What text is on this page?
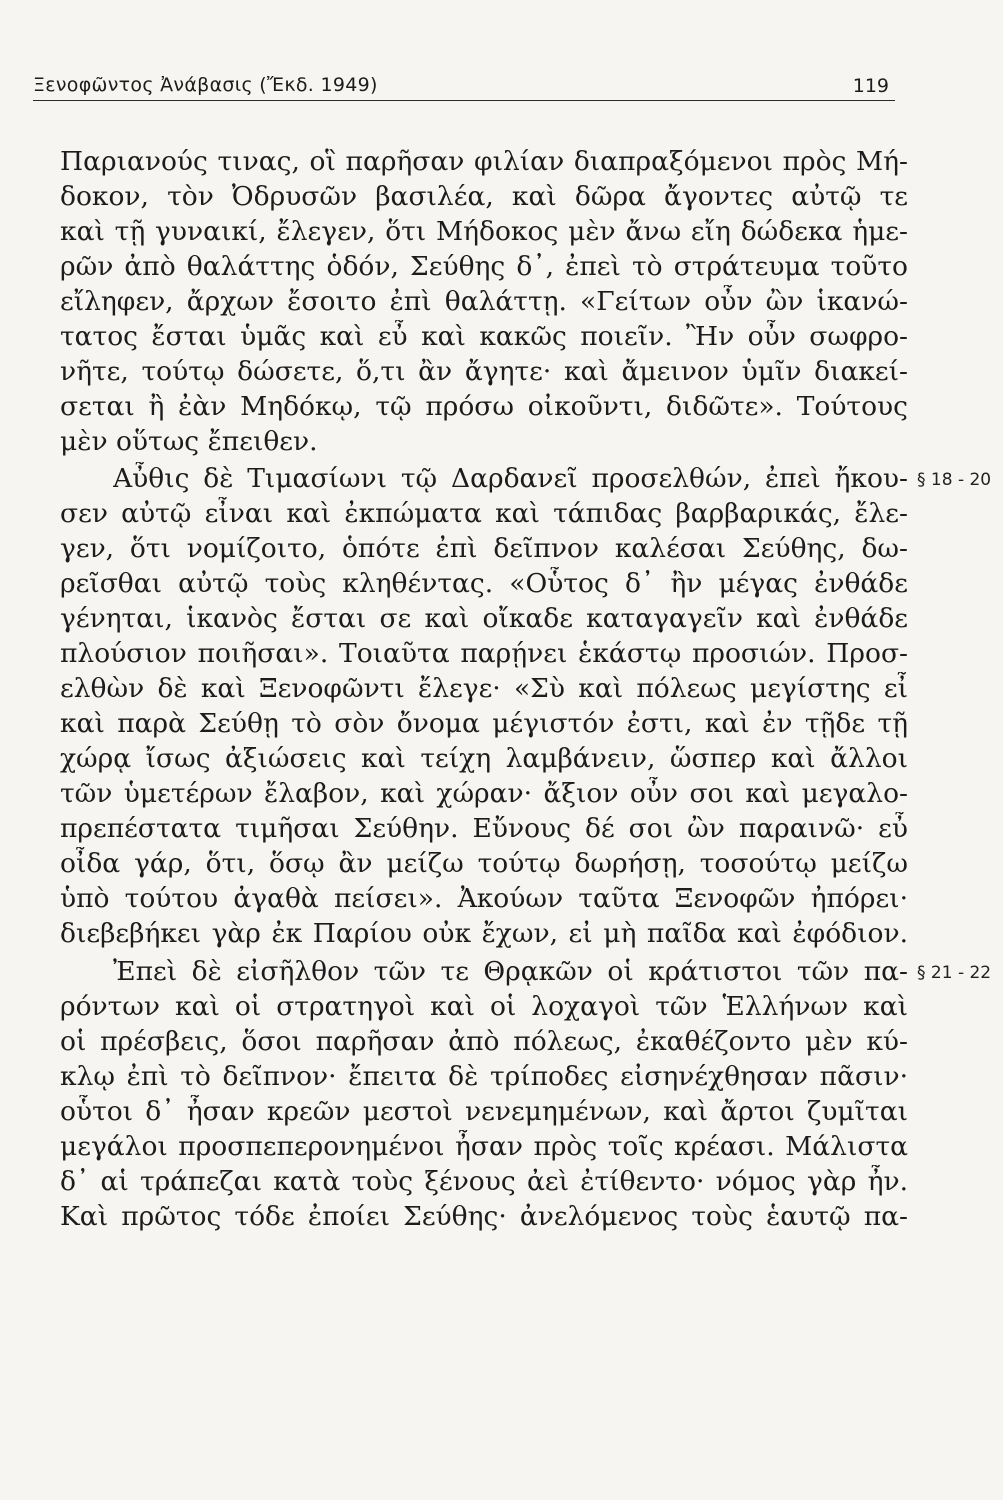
Ξενοφῶντος Ἀνάβασις (Ἔκδ. 1949)	119
Παριανούς τινας, οἳ παρῆσαν φιλίαν διαπραξόμενοι πρὸς Μή-
δοκον, τὸν Ὀδρυσῶν βασιλέα, καὶ δῶρα ἄγοντες αὐτῷ τε
καὶ τῇ γυναικί, ἔλεγεν, ὅτι Μήδοκος μὲν ἄνω εἴη δώδεκα ἡμε-
ρῶν ἀπὸ θαλάττης ὁδόν, Σεύθης δ᾽, ἐπεὶ τὸ στράτευμα τοῦτο
εἴληφεν, ἄρχων ἔσοιτο ἐπὶ θαλάττῃ. «Γείτων οὖν ὢν ἱκανώ-
τατος ἔσται ὑμᾶς καὶ εὖ καὶ κακῶς ποιεῖν. Ἢν οὖν σωφρο-
νῆτε, τούτῳ δώσετε, ὅ,τι ἂν ἄγητε· καὶ ἄμεινον ὑμῖν διακεί-
σεται ἢ ἐὰν Μηδόκῳ, τῷ πρόσω οἰκοῦντι, διδῶτε». Τούτους
μὲν οὕτως ἔπειθεν.
Αὖθις δὲ Τιμασίωνι τῷ Δαρδανεῖ προσελθών, ἐπεὶ ἤκου- § 18 - 20
σεν αὐτῷ εἶναι καὶ ἐκπώματα καὶ τάπιδας βαρβαρικάς, ἔλε-
γεν, ὅτι νομίζοιτο, ὁπότε ἐπὶ δεῖπνον καλέσαι Σεύθης, δω-
ρεῖσθαι αὐτῷ τοὺς κληθέντας. «Οὗτος δ᾽ ἢν μέγας ἐνθάδε
γένηται, ἱκανὸς ἔσται σε καὶ οἴκαδε καταγαγεῖν καὶ ἐνθάδε
πλούσιον ποιῆσαι». Τοιαῦτα παρῄνει ἑκάστῳ προσιών. Προσ-
ελθὼν δὲ καὶ Ξενοφῶντι ἔλεγε· «Σὺ καὶ πόλεως μεγίστης εἶ
καὶ παρὰ Σεύθῃ τὸ σὸν ὄνομα μέγιστόν ἐστι, καὶ ἐν τῇδε τῇ
χώρᾳ ἴσως ἀξιώσεις καὶ τείχη λαμβάνειν, ὥσπερ καὶ ἄλλοι
τῶν ὑμετέρων ἔλαβον, καὶ χώραν· ἄξιον οὖν σοι καὶ μεγαλο-
πρεπέστατα τιμῆσαι Σεύθην. Εὔνους δέ σοι ὢν παραινῶ· εὖ
οἶδα γάρ, ὅτι, ὅσῳ ἂν μείζω τούτῳ δωρήσῃ, τοσούτῳ μείζω
ὑπὸ τούτου ἀγαθὰ πείσει». Ἀκούων ταῦτα Ξενοφῶν ἠπόρει·
διεβεβήκει γὰρ ἐκ Παρίου οὐκ ἔχων, εἰ μὴ παῖδα καὶ ἐφόδιον.
Ἐπεὶ δὲ εἰσῆλθον τῶν τε Θρᾳκῶν οἱ κράτιστοι τῶν πα- § 21 - 22
ρόντων καὶ οἱ στρατηγοὶ καὶ οἱ λοχαγοὶ τῶν Ἑλλήνων καὶ
οἱ πρέσβεις, ὅσοι παρῆσαν ἀπὸ πόλεως, ἐκαθέζοντο μὲν κύ-
κλῳ ἐπὶ τὸ δεῖπνον· ἔπειτα δὲ τρίποδες εἰσηνέχθησαν πᾶσιν·
οὗτοι δ᾽ ἦσαν κρεῶν μεστοὶ νενεμημένων, καὶ ἄρτοι ζυμῖται
μεγάλοι προσπεπερονημένοι ἦσαν πρὸς τοῖς κρέασι. Μάλιστα
δ᾽ αἱ τράπεζαι κατὰ τοὺς ξένους ἀεὶ ἐτίθεντο· νόμος γὰρ ἦν.
Καὶ πρῶτος τόδε ἐποίει Σεύθης· ἀνελόμενος τοὺς ἑαυτῷ πα-
